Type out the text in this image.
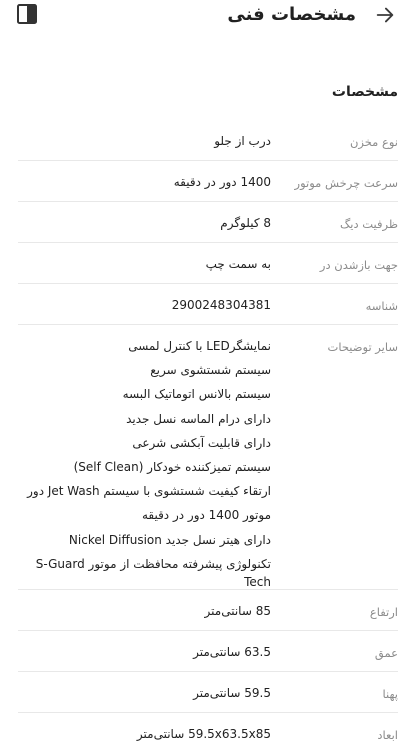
مشخصات فنی
مشخصات
نوع مخزن
درب از جلو
سرعت چرخش موتور
1400 دور در دقیقه
ظرفیت دیگ
8 کیلوگرم
جهت بازشدن در
به سمت چپ
شناسه
2900248304381
سایر توضیحات
نمایشگرLED با کنترل لمسی
سیستم شستشوی سریع
سیستم بالانس اتوماتیک البسه
دارای درام الماسه نسل جدید
دارای قابلیت آبکشی شرعی
سیستم تمیزکننده خودکار (Self Clean)
ارتقاء کیفیت شستشوی با سیستم Jet Wash دور
موتور 1400 دور در دقیقه
دارای هیتر نسل جدید Nickel Diffusion
تکنولوژی پیشرفته محافظت از موتور S-Guard Tech
ارتفاع
85 سانتی‌متر
عمق
63.5 سانتی‌متر
پهنا
59.5 سانتی‌متر
ابعاد
59.5x63.5x85 سانتی‌متر
